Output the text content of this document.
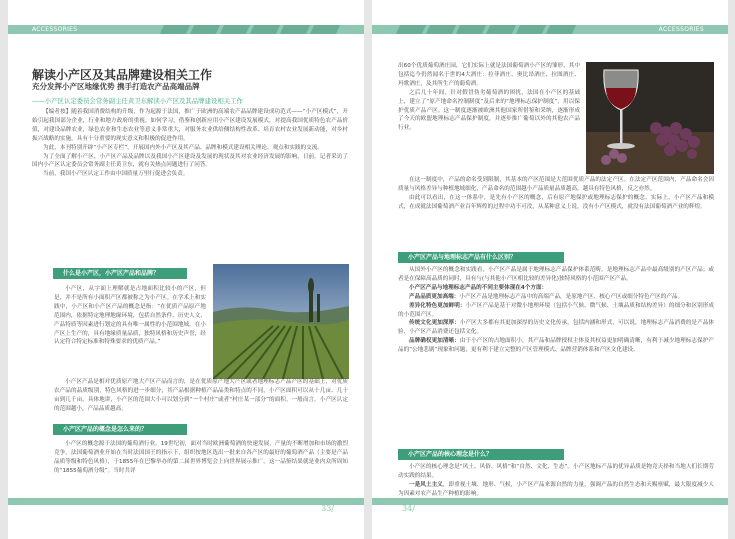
ACCESSORIES
解读小产区及其品牌建设相关工作
充分发挥小产区地缘优势 携手打造农产品高端品牌
——小产区认定委员会常务副主任黄卫东解读小产区及其品牌建设相关工作

【编者按】随着我国消费结构的升级，作为起源于法国，推广于欧洲的高端农产品品牌建设成功范式——“小产区模式”，开始引起我国部分企业，行业和地方政府的重视。如何学习，借鉴和创新应用小产区建设发展模式，对提高我国优质特色农产品价值，对建设品牌农业，绿色农业和生态农业等意义非常重大，对服务农业供给侧结构性改革、培育农村农业发展新动能，对乡村振兴战略的实施，具有十分重要的现实意义和积极的促进作用。

为此，本刊特别开辟“小产区专栏”，开展国内外小产区及其产品、品牌和模式建设相关理论、观点和实践的交流。

为了全面了解小产区，小产区产品及品牌以及我国小产区建设及发展的现状及其对农业经济发展的影响，日前，记者采访了国内小产区认定委员会常务副主任黄卫东，就有关热点问题进行了问答。

当前，我国小产区认定工作由中国质量万里行促进会负责。

什么是小产区，小产区产品和品牌？

小产区，从字面上理解就是占地面积比较小的产区，但是，并不是所有小面积产区都被称之为小产区。在学术上和实践中，小产区和小产区产品的概念是指：“在优质产品原产地范围内，依据特定地理地缘环境，包括自然条件、历史人文、产品特质等因素进行划定的具有唯一属性的小范围地域。在小产区上生产的，具有地缘质量品质，独特风格和历史声誉，经认定符合特定标准和特殊要求的优质产品。”

小产区产品是相对优质原产地大产区产品而言的，是在优质原产地大产区或者地理标志产品产区的基础上，对优质农产品的品质级别，特色风格的进一步细分，其产品根据种植产品品类和特点的不同，小产区面积可以从十几亩、几十亩到几千亩。具体地讲，小产区的范围大小可以划分到“一个村庄”或者“村庄某一部分”的面积。一般而言，小产区认定的范围越小，产品品质越高。

小产区产品的概念是怎么来的？

小产区的概念源于法国的葡萄酒行业。19世纪初，面对当时欧洲葡萄酒的快速发展，产量的不断增加和市场的激烈竞争，法国葡萄酒业开始在当时法国国王的指示下，组织按地区选出一批来自各产区的最好的葡萄酒产品（主要是产品品质等级和特色风格），于1855年在巴黎举办的第二届世界博览会上向世界展示推广。这一品鉴结果就是业内众所周知的“1855葡萄酒分级”。当时共评

33/
ACCESSORIES

出60个优质葡萄酒庄园，它们实际上就是法国葡萄酒小产区的雏形，其中包括迄今仍然闻名于世的4大酒庄：拉菲酒庄、奥比昂酒庄、拉图酒庄、玛歌酒庄，及其所生产的葡萄酒。

之后几十年间，针对假冒伪劣葡萄酒的困扰，法国在小产区的基础上，建立了“原产地命名控制制度”及后来的“地理标志保护制度”，用以保护优质产品产区。这一制度逐渐被欧洲其他国家所借鉴和采纳，逐渐形成了今天的欧盟地理标志产品保护制度，并逐步推广葡萄以外的其他农产品行业。

在这一制度中，产品的命名受到限制，其基本的产区范围是大范围优质产品的法定产区。在法定产区范围内，产品命名会因质量与风格差异与种植地域细化，产品命名的范围越小产品质量品质越高，越具有特色风格，反之亦然。

由此可以看出，在这一体系中，是先有小产区的概念，后有原产地保护或地理标志保护的概念。实际上，小产区产品和模式，在成就法国葡萄酒产业百年辉煌的过程中功不可没，从某种意义上说，没有小产区模式，就没有法国葡萄酒产业的辉煌。

小产区产品与地理标志产品有什么区别？

从国外小产区的概念和实践看，小产区产品是属于地理标志产品保护体系范畴，是地理标志产品中最高级别的产区产品；或者是在保障高品质的同时，具有与(与其他小产区相比较的差异化)独特风格的小范围产区产品。

小产区产品与地理标志产品的不同主要体现在4个方面：

产品品质更加高端：小产区产品是地理标志产品中的高端产品，是原地产区、核心产区或细分特色产区的产品。

差异化特色更加鲜明：小产区产品是基于对微小地理环境（包括小气候、微气候、土壤品质和结构差异）的细分和区别形成的小范围产区。

传统文化更加深厚：小产区大多都有其更加深厚的历史文化传承，包括内涵和形式，可以说，地理标志产品消费的是产品体验，小产区产品消费还包括文化。

品牌确权更加清晰：由于小产区的占地面积小，其产品和品牌授权主体及其权益更加明确清晰，有利于减少地理标志保护产品的“公地悲剧”现象和问题，更有利于建立完整的产区管理模式、品牌营销体系和产区文化建设。

小产区产品的核心理念是什么？

小产区的核心理念是“风土、风俗、风格”和“自然、文化、生态”。小产区地标产品的优异品质是物竞天择和当地人们长期劳动实践的结果。

一是风土主义，即重视土壤、地形、气候，小产区产品来源自然的力量，强调产品的自然生态和天赐禀赋，最大限度减少人为因素对农产品生产种植的影响。

34/
